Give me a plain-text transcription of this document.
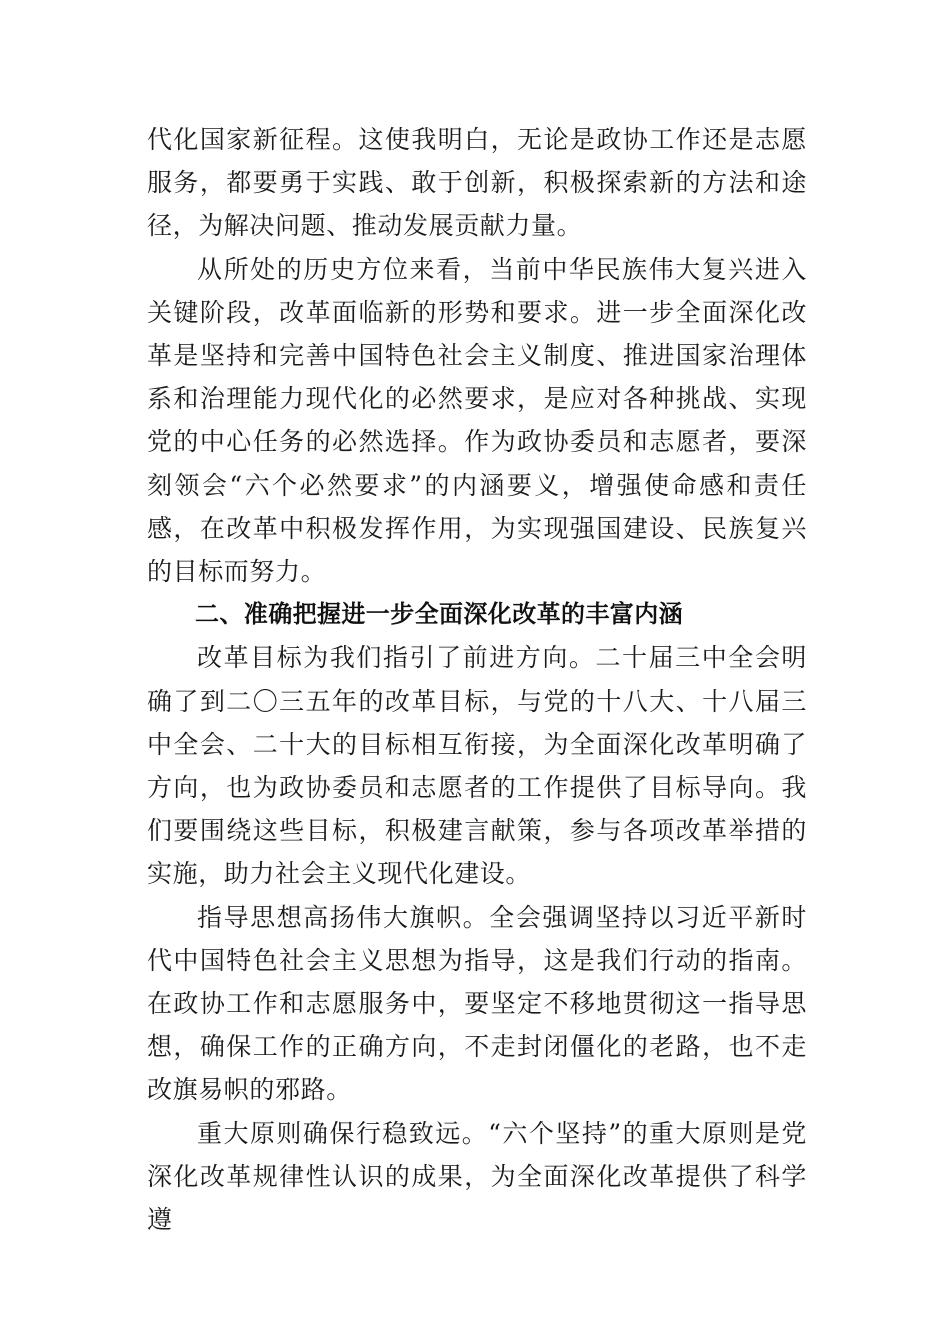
代化国家新征程。这使我明白，无论是政协工作还是志愿服务，都要勇于实践、敢于创新，积极探索新的方法和途径，为解决问题、推动发展贡献力量。

从所处的历史方位来看，当前中华民族伟大复兴进入关键阶段，改革面临新的形势和要求。进一步全面深化改革是坚持和完善中国特色社会主义制度、推进国家治理体系和治理能力现代化的必然要求，是应对各种挑战、实现党的中心任务的必然选择。作为政协委员和志愿者，要深刻领会“六个必然要求”的内涵要义，增强使命感和责任感，在改革中积极发挥作用，为实现强国建设、民族复兴的目标而努力。

二、准确把握进一步全面深化改革的丰富内涵

改革目标为我们指引了前进方向。二十届三中全会明确了到二〇三五年的改革目标，与党的十八大、十八届三中全会、二十大的目标相互衔接，为全面深化改革明确了方向，也为政协委员和志愿者的工作提供了目标导向。我们要围绕这些目标，积极建言献策，参与各项改革举措的实施，助力社会主义现代化建设。

指导思想高扬伟大旗帜。全会强调坚持以习近平新时代中国特色社会主义思想为指导，这是我们行动的指南。在政协工作和志愿服务中，要坚定不移地贯彻这一指导思想，确保工作的正确方向，不走封闭僵化的老路，也不走改旗易帜的邪路。

重大原则确保行稳致远。“六个坚持”的重大原则是党深化改革规律性认识的成果，为全面深化改革提供了科学遵
